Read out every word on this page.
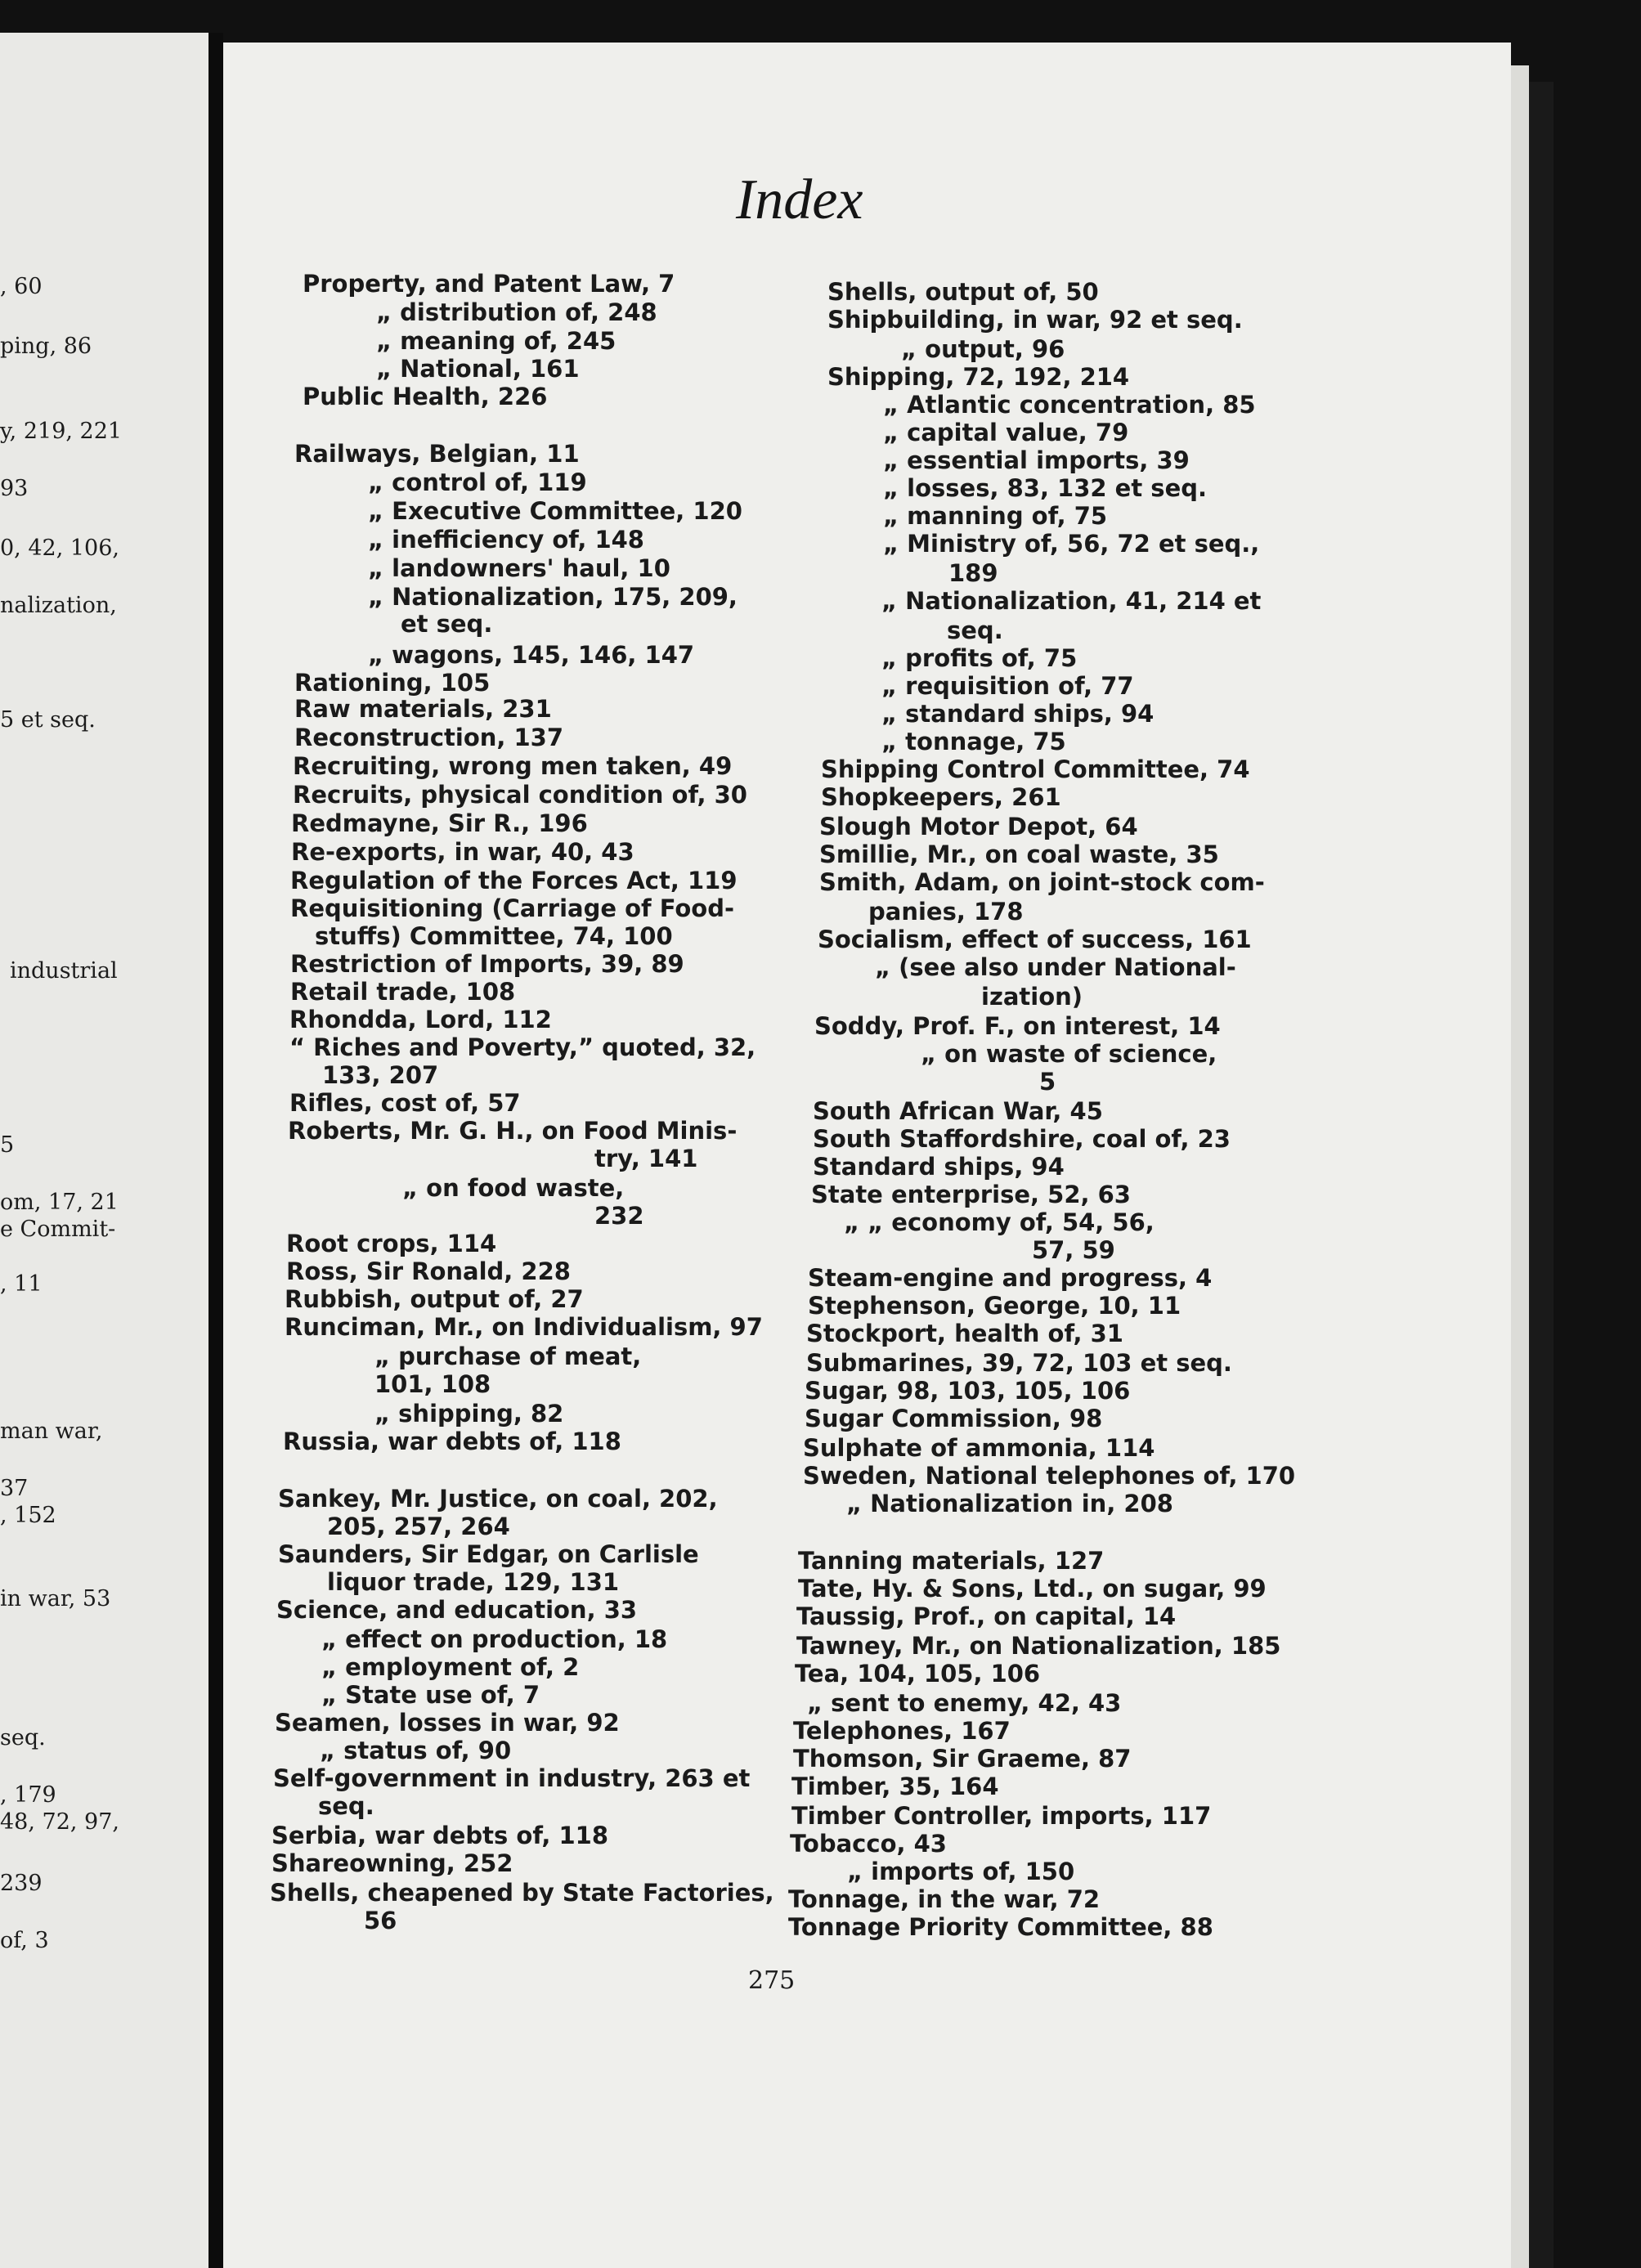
, 60
ping, 86
y, 219, 221
93
0, 42, 106,
nalization,
5 et seq.
industrial
5
om, 17, 21
e Commit-
, 11
man war,
37
, 152
in war, 53
seq.
, 179
48, 72, 97,
239
of, 3
Index
Property, and Patent Law, 7
„ distribution of, 248
„ meaning of, 245
„ National, 161
Public Health, 226
Railways, Belgian, 11
„ control of, 119
„ Executive Committee, 120
„ inefficiency of, 148
„ landowners' haul, 10
„ Nationalization, 175, 209,
et seq.
„ wagons, 145, 146, 147
Rationing, 105
Raw materials, 231
Reconstruction, 137
Recruiting, wrong men taken, 49
Recruits, physical condition of, 30
Redmayne, Sir R., 196
Re-exports, in war, 40, 43
Regulation of the Forces Act, 119
Requisitioning (Carriage of Food-
stuffs) Committee, 74, 100
Restriction of Imports, 39, 89
Retail trade, 108
Rhondda, Lord, 112
“ Riches and Poverty,” quoted, 32,
133, 207
Rifles, cost of, 57
Roberts, Mr. G. H., on Food Minis-
try, 141
„ on food waste,
232
Root crops, 114
Ross, Sir Ronald, 228
Rubbish, output of, 27
Runciman, Mr., on Individualism, 97
„ purchase of meat,
101, 108
„ shipping, 82
Russia, war debts of, 118
Sankey, Mr. Justice, on coal, 202,
205, 257, 264
Saunders, Sir Edgar, on Carlisle
liquor trade, 129, 131
Science, and education, 33
„ effect on production, 18
„ employment of, 2
„ State use of, 7
Seamen, losses in war, 92
„ status of, 90
Self-government in industry, 263 et
seq.
Serbia, war debts of, 118
Shareowning, 252
Shells, cheapened by State Factories,
56
Shells, output of, 50
Shipbuilding, in war, 92 et seq.
„ output, 96
Shipping, 72, 192, 214
„ Atlantic concentration, 85
„ capital value, 79
„ essential imports, 39
„ losses, 83, 132 et seq.
„ manning of, 75
„ Ministry of, 56, 72 et seq.,
189
„ Nationalization, 41, 214 et
seq.
„ profits of, 75
„ requisition of, 77
„ standard ships, 94
„ tonnage, 75
Shipping Control Committee, 74
Shopkeepers, 261
Slough Motor Depot, 64
Smillie, Mr., on coal waste, 35
Smith, Adam, on joint-stock com-
panies, 178
Socialism, effect of success, 161
„ (see also under National-
ization)
Soddy, Prof. F., on interest, 14
„ on waste of science,
5
South African War, 45
South Staffordshire, coal of, 23
Standard ships, 94
State enterprise, 52, 63
„ „ economy of, 54, 56,
57, 59
Steam-engine and progress, 4
Stephenson, George, 10, 11
Stockport, health of, 31
Submarines, 39, 72, 103 et seq.
Sugar, 98, 103, 105, 106
Sugar Commission, 98
Sulphate of ammonia, 114
Sweden, National telephones of, 170
„ Nationalization in, 208
Tanning materials, 127
Tate, Hy. & Sons, Ltd., on sugar, 99
Taussig, Prof., on capital, 14
Tawney, Mr., on Nationalization, 185
Tea, 104, 105, 106
„ sent to enemy, 42, 43
Telephones, 167
Thomson, Sir Graeme, 87
Timber, 35, 164
Timber Controller, imports, 117
Tobacco, 43
„ imports of, 150
Tonnage, in the war, 72
Tonnage Priority Committee, 88
275
